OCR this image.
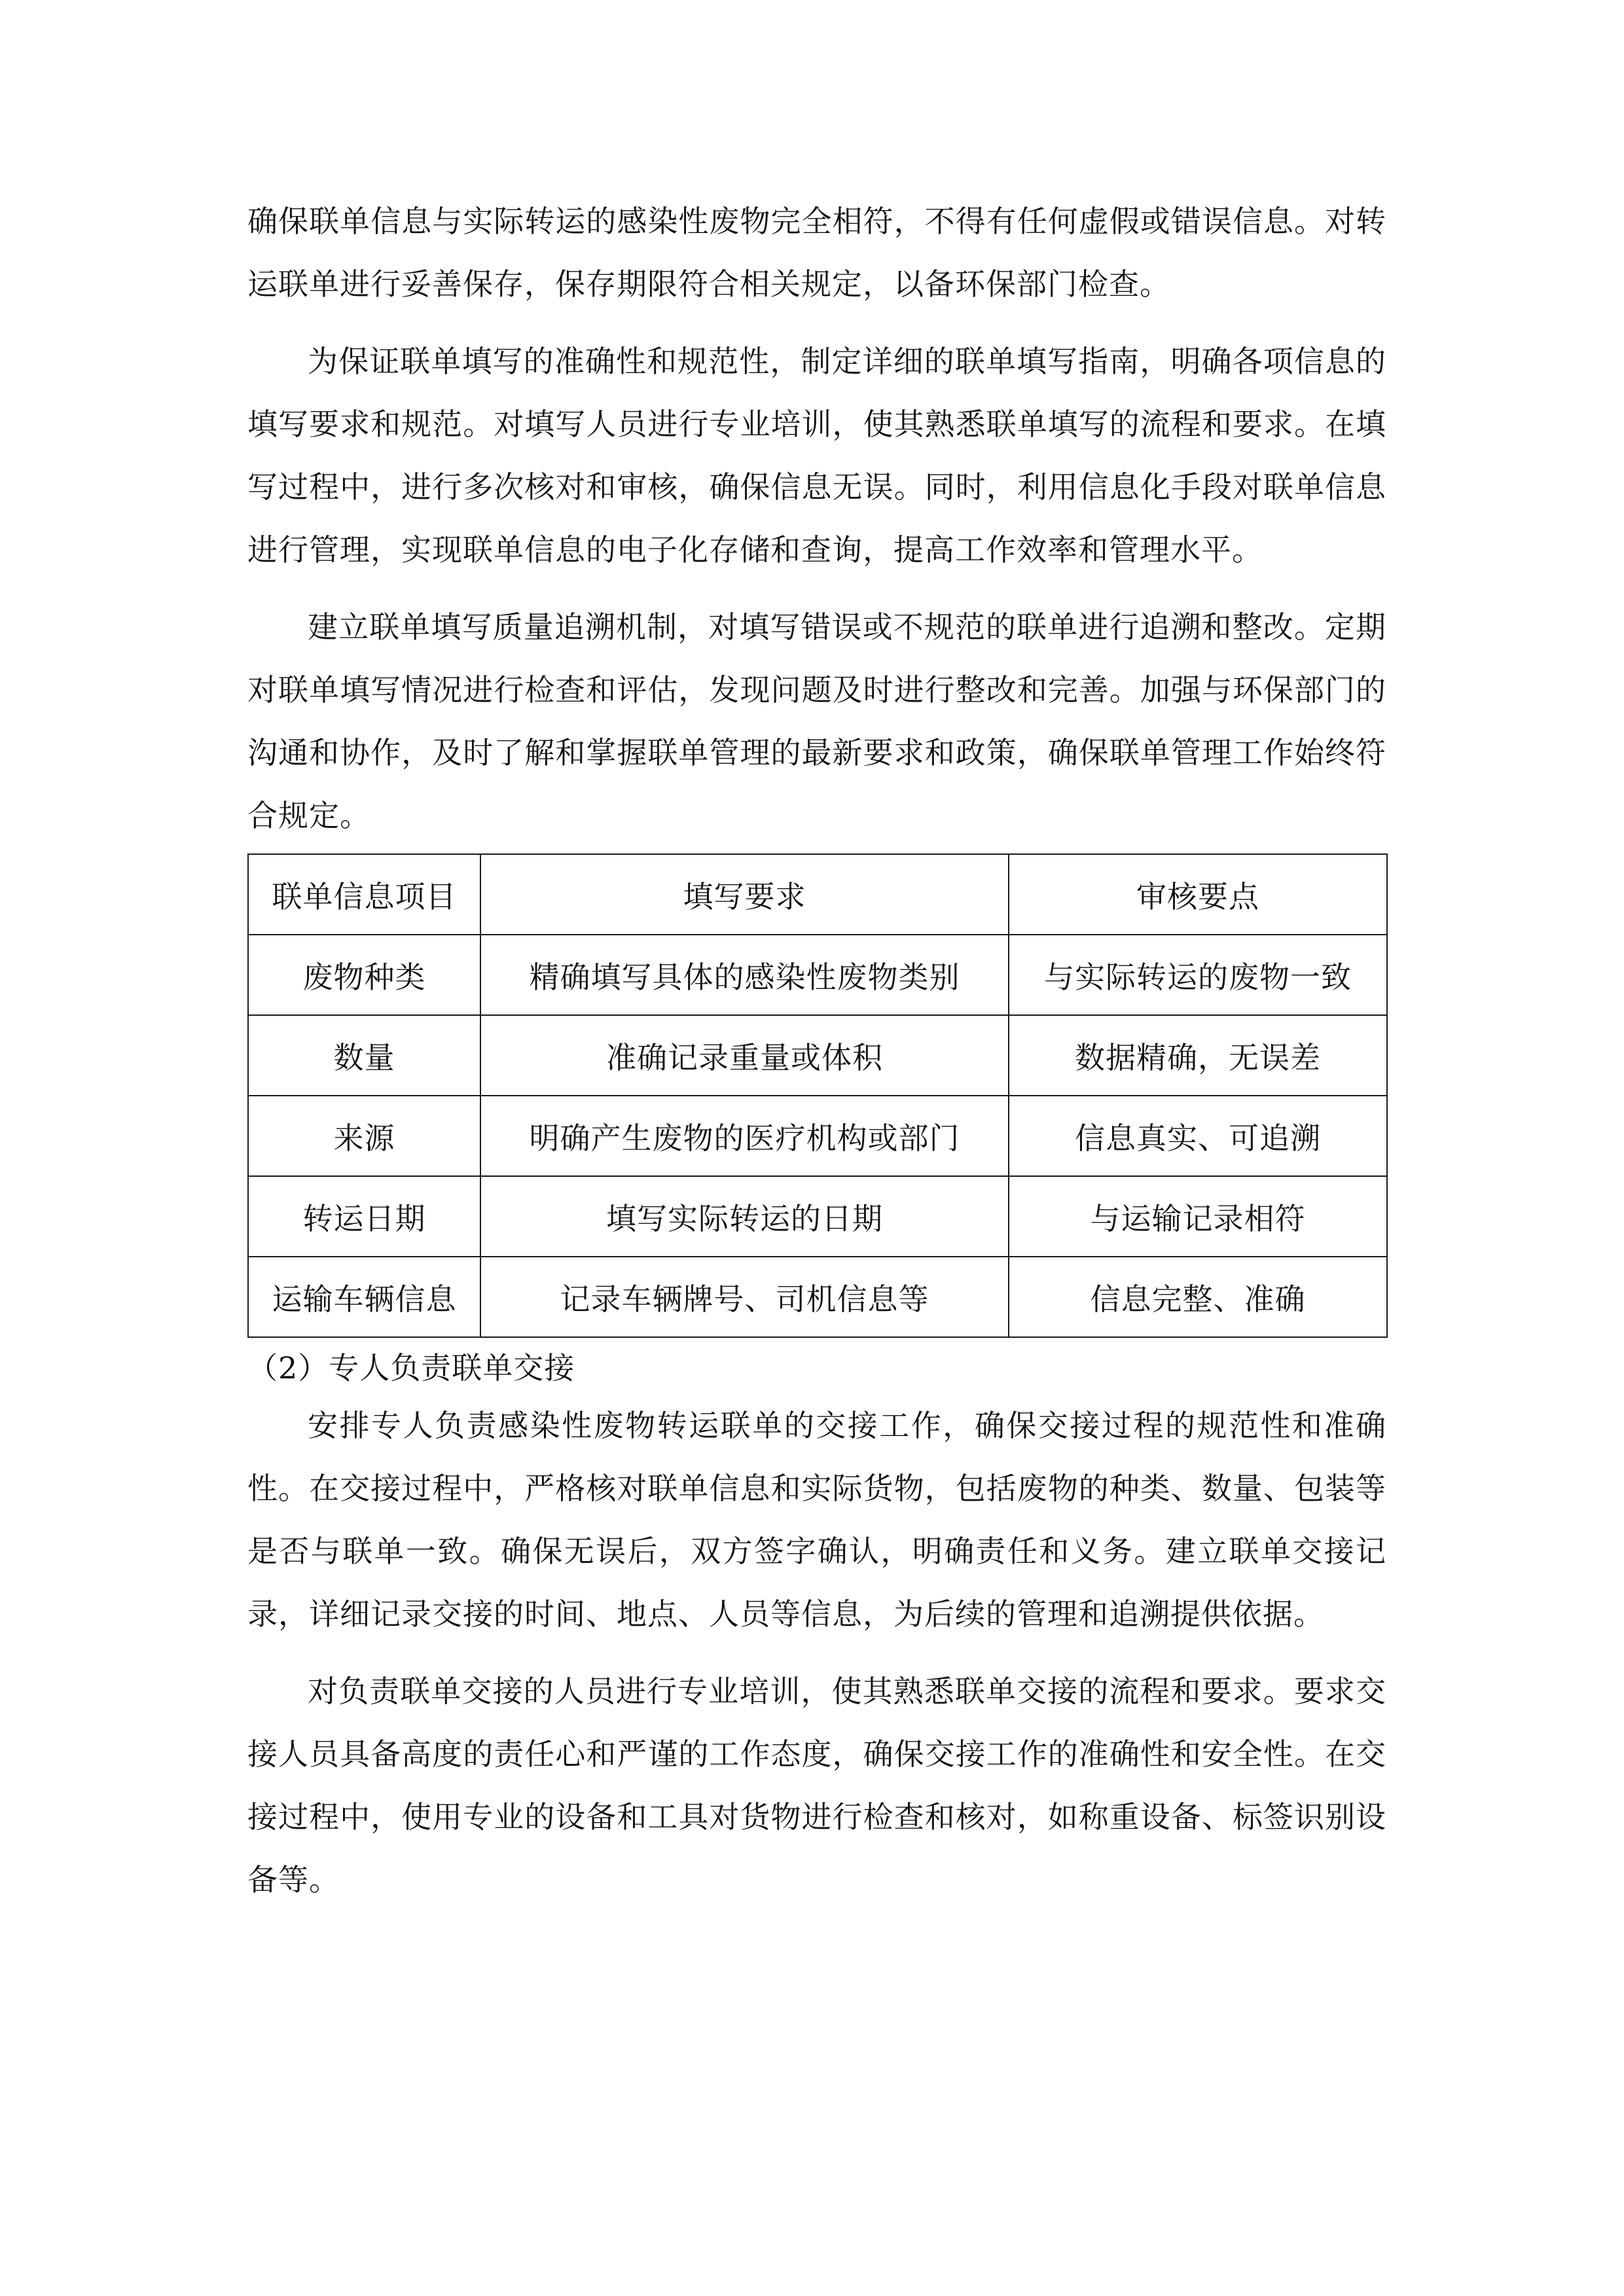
确保联单信息与实际转运的感染性废物完全相符，不得有任何虚假或错误信息。对转运联单进行妥善保存，保存期限符合相关规定，以备环保部门检查。

为保证联单填写的准确性和规范性，制定详细的联单填写指南，明确各项信息的填写要求和规范。对填写人员进行专业培训，使其熟悉联单填写的流程和要求。在填写过程中，进行多次核对和审核，确保信息无误。同时，利用信息化手段对联单信息进行管理，实现联单信息的电子化存储和查询，提高工作效率和管理水平。

建立联单填写质量追溯机制，对填写错误或不规范的联单进行追溯和整改。定期对联单填写情况进行检查和评估，发现问题及时进行整改和完善。加强与环保部门的沟通和协作，及时了解和掌握联单管理的最新要求和政策，确保联单管理工作始终符合规定。

联单信息项目	填写要求	审核要点
废物种类	精确填写具体的感染性废物类别	与实际转运的废物一致
数量	准确记录重量或体积	数据精确，无误差
来源	明确产生废物的医疗机构或部门	信息真实、可追溯
转运日期	填写实际转运的日期	与运输记录相符
运输车辆信息	记录车辆牌号、司机信息等	信息完整、准确

（2）专人负责联单交接

安排专人负责感染性废物转运联单的交接工作，确保交接过程的规范性和准确性。在交接过程中，严格核对联单信息和实际货物，包括废物的种类、数量、包装等是否与联单一致。确保无误后，双方签字确认，明确责任和义务。建立联单交接记录，详细记录交接的时间、地点、人员等信息，为后续的管理和追溯提供依据。

对负责联单交接的人员进行专业培训，使其熟悉联单交接的流程和要求。要求交接人员具备高度的责任心和严谨的工作态度，确保交接工作的准确性和安全性。在交接过程中，使用专业的设备和工具对货物进行检查和核对，如称重设备、标签识别设备等。
